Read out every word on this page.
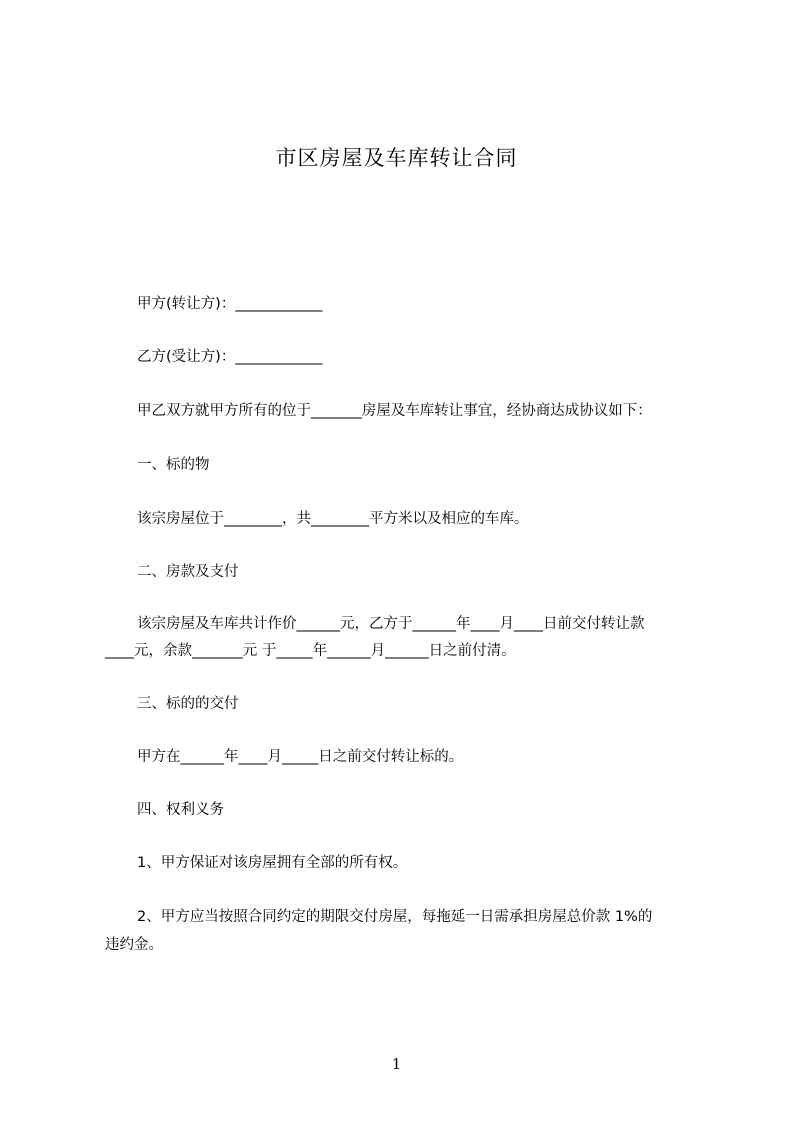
市区房屋及车库转让合同
甲方(转让方)：____________
乙方(受让方)：____________
甲乙双方就甲方所有的位于_______房屋及车库转让事宜，经协商达成协议如下：
一、标的物
该宗房屋位于________，共________平方米以及相应的车库。
二、房款及支付
该宗房屋及车库共计作价______元，乙方于______年____月____日前交付转让款
____元，余款_______元 于_____年______月______日之前付清。
三、标的的交付
甲方在______年____月_____日之前交付转让标的。
四、权利义务
1、甲方保证对该房屋拥有全部的所有权。
2、甲方应当按照合同约定的期限交付房屋，每拖延一日需承担房屋总价款 1%的
违约金。
1
